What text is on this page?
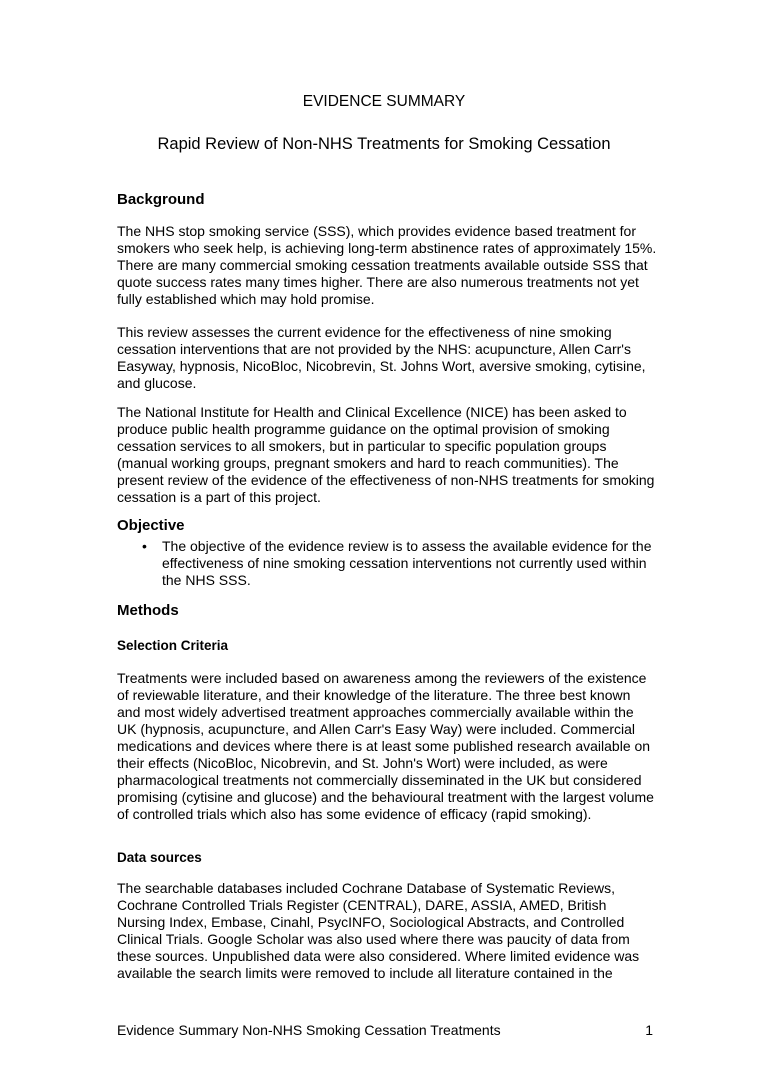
EVIDENCE SUMMARY
Rapid Review of Non-NHS Treatments for Smoking Cessation
Background

The NHS stop smoking service (SSS), which provides evidence based treatment for smokers who seek help, is achieving long-term abstinence rates of approximately 15%. There are many commercial smoking cessation treatments available outside SSS that quote success rates many times higher. There are also numerous treatments not yet fully established which may hold promise.

This review assesses the current evidence for the effectiveness of nine smoking cessation interventions that are not provided by the NHS: acupuncture, Allen Carr's Easyway, hypnosis, NicoBloc, Nicobrevin, St. Johns Wort, aversive smoking, cytisine, and glucose.

The National Institute for Health and Clinical Excellence (NICE) has been asked to produce public health programme guidance on the optimal provision of smoking cessation services to all smokers, but in particular to specific population groups (manual working groups, pregnant smokers and hard to reach communities). The present review of the evidence of the effectiveness of non-NHS treatments for smoking cessation is a part of this project.

Objective
• The objective of the evidence review is to assess the available evidence for the effectiveness of nine smoking cessation interventions not currently used within the NHS SSS.
Methods
Selection Criteria

Treatments were included based on awareness among the reviewers of the existence of reviewable literature, and their knowledge of the literature. The three best known and most widely advertised treatment approaches commercially available within the UK (hypnosis, acupuncture, and Allen Carr's Easy Way) were included. Commercial medications and devices where there is at least some published research available on their effects (NicoBloc, Nicobrevin, and St. John's Wort) were included, as were pharmacological treatments not commercially disseminated in the UK but considered promising (cytisine and glucose) and the behavioural treatment with the largest volume of controlled trials which also has some evidence of efficacy (rapid smoking).

Data sources

The searchable databases included Cochrane Database of Systematic Reviews, Cochrane Controlled Trials Register (CENTRAL), DARE, ASSIA, AMED, British Nursing Index, Embase, Cinahl, PsycINFO, Sociological Abstracts, and Controlled Clinical Trials. Google Scholar was also used where there was paucity of data from these sources. Unpublished data were also considered. Where limited evidence was available the search limits were removed to include all literature contained in the

Evidence Summary Non-NHS Smoking Cessation Treatments	1
